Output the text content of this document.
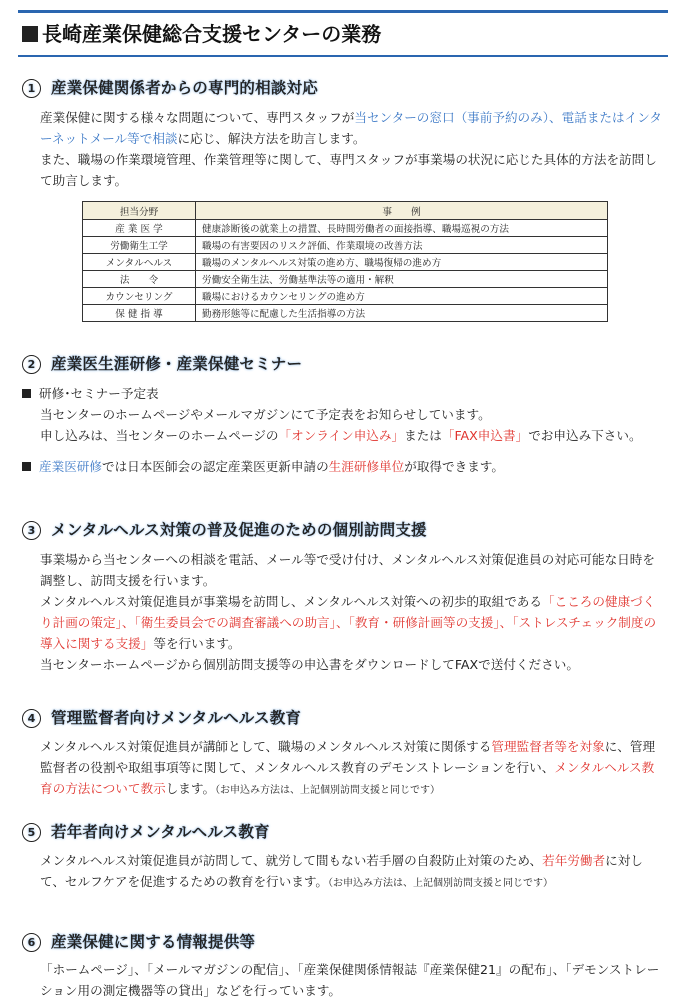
長崎産業保健総合支援センターの業務
1 産業保健関係者からの専門的相談対応
産業保健に関する様々な問題について、専門スタッフが当センターの窓口（事前予約のみ）、電話またはインターネットメール等で相談に応じ、解決方法を助言します。
また、職場の作業環境管理、作業管理等に関して、専門スタッフが事業場の状況に応じた具体的方法を訪問して助言します。
担当分野	事　　例
産 業 医 学	健康診断後の就業上の措置、長時間労働者の面接指導、職場巡視の方法
労働衛生工学	職場の有害要因のリスク評価、作業環境の改善方法
メンタルヘルス	職場のメンタルヘルス対策の進め方、職場復帰の進め方
法　　令	労働安全衛生法、労働基準法等の適用・解釈
カウンセリング	職場におけるカウンセリングの進め方
保 健 指 導	勤務形態等に配慮した生活指導の方法
2 産業医生涯研修・産業保健セミナー
研修･セミナー予定表
当センターのホームページやメールマガジンにて予定表をお知らせしています。
申し込みは、当センターのホームページの「オンライン申込み」または「FAX申込書」でお申込み下さい。
産業医研修では日本医師会の認定産業医更新申請の生涯研修単位が取得できます。
3 メンタルヘルス対策の普及促進のための個別訪問支援
事業場から当センターへの相談を電話、メール等で受け付け、メンタルヘルス対策促進員の対応可能な日時を調整し、訪問支援を行います。
メンタルヘルス対策促進員が事業場を訪問し、メンタルヘルス対策への初歩的取組である「こころの健康づくり計画の策定」、「衛生委員会での調査審議への助言」、「教育・研修計画等の支援」、「ストレスチェック制度の導入に関する支援」等を行います。
当センターホームページから個別訪問支援等の申込書をダウンロードしてFAXで送付ください。
4 管理監督者向けメンタルヘルス教育
メンタルヘルス対策促進員が講師として、職場のメンタルヘルス対策に関係する管理監督者等を対象に、管理監督者の役割や取組事項等に関して、メンタルヘルス教育のデモンストレーションを行い、メンタルヘルス教育の方法について教示します。（お申込み方法は、上記個別訪問支援と同じです）
5 若年者向けメンタルヘルス教育
メンタルヘルス対策促進員が訪問して、就労して間もない若手層の自殺防止対策のため、若年労働者に対して、セルフケアを促進するための教育を行います。（お申込み方法は、上記個別訪問支援と同じです）
6 産業保健に関する情報提供等
「ホームページ」、「メールマガジンの配信」、「産業保健関係情報誌『産業保健21』の配布」、「デモンストレーション用の測定機器等の貸出」などを行っています。
